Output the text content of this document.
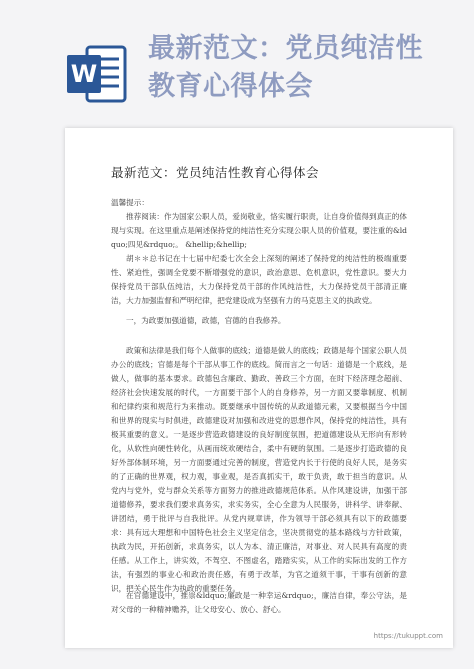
W
最新范文：党员纯洁性
教育心得体会
最新范文：党员纯洁性教育心得体会

温馨提示：

推荐阅读：作为国家公职人员，爱岗敬业，恪实履行职责，让自身价值得到真正的体现与实现。在这里重点是阐述保持党的纯洁性充分实现公职人员的价值观，要注重的&ldquo;四见&rdquo;。 &hellip;&hellip;

胡＊＊总书记在十七届中纪委七次全会上深刻的阐述了保持党的纯洁性的极端重要性、紧迫性，强调全党要不断增强党的意识，政治意思、危机意识，党性意识。要大力保持党员干部队伍纯洁，大力保持党员干部的作风纯洁性，大力保持党员干部清正廉洁，大力加强监督和严明纪律，把党建设成为坚强有力的马克思主义的执政党。

一，为政要加强道德，政德，官德的自我修养。

政策和法律是我们每个人做事的底线；道德是做人的底线；政德是每个国家公职人员办公的底线；官德是每个干部从事工作的底线。简而言之一句话：道德是一个底线，是做人，做事的基本要求。政德包含廉政、勤政、善政三个方面，在时下经济理念超前、经济社会快速发展的时代，一方面要干部个人的自身修养，另一方面又要靠制度、机制和纪律约束和规范行为来推动。既要继承中国传统的从政道德元素，又要根据当今中国和世界的现实与时俱进，政德建设对加强和改进党的思想作风，保持党的纯洁性，具有极其重要的意义。一是逐步营造政德建设的良好制度氛围，把道德建设从无形向有形转化，从软性向硬性转化，从画而统欢硬结合，柔中有硬的氛围。二是逐步打造政德的良好外部体制环境，另一方面要通过完善的制度，营造党内长于行使的良好人民，是务实的了正确的世界观，权力观，事业观，是否真抓实干，敢于负责，敢于担当的意识。从党内与党外，党与群众关系等方面努力的推进政德规范体系。从作风建设讲，加强干部道德修养，要求我们要求真务实，求实务实，全心全意为人民服务，讲科学、讲奉献、讲团结，勇于批评与自我批评。从党内规章讲，作为领导干部必须具有以下的政德要求：具有远大理想和中国特色社会主义坚定信念，坚决贯彻党的基本路线与方针政策，执政为民，开拓创新，求真务实，以人为本、清正廉洁，对事业、对人民具有高度的责任感。从工作上，讲实效，不驾空、不图虚名，踏踏实实，从工作的实际出发的工作方法，有强烈的事业心和政治责任感，有勇于改革，为官之道须干事，干事有创新的意识，把关心民生作为执政的重要任务。

在官德建设中，推崇&ldquo;廉政是一种幸运&rdquo;，廉洁自律，奉公守法，是对父母的一种精神赡养，让父母安心、放心、舒心。

https://tukuppt.com
